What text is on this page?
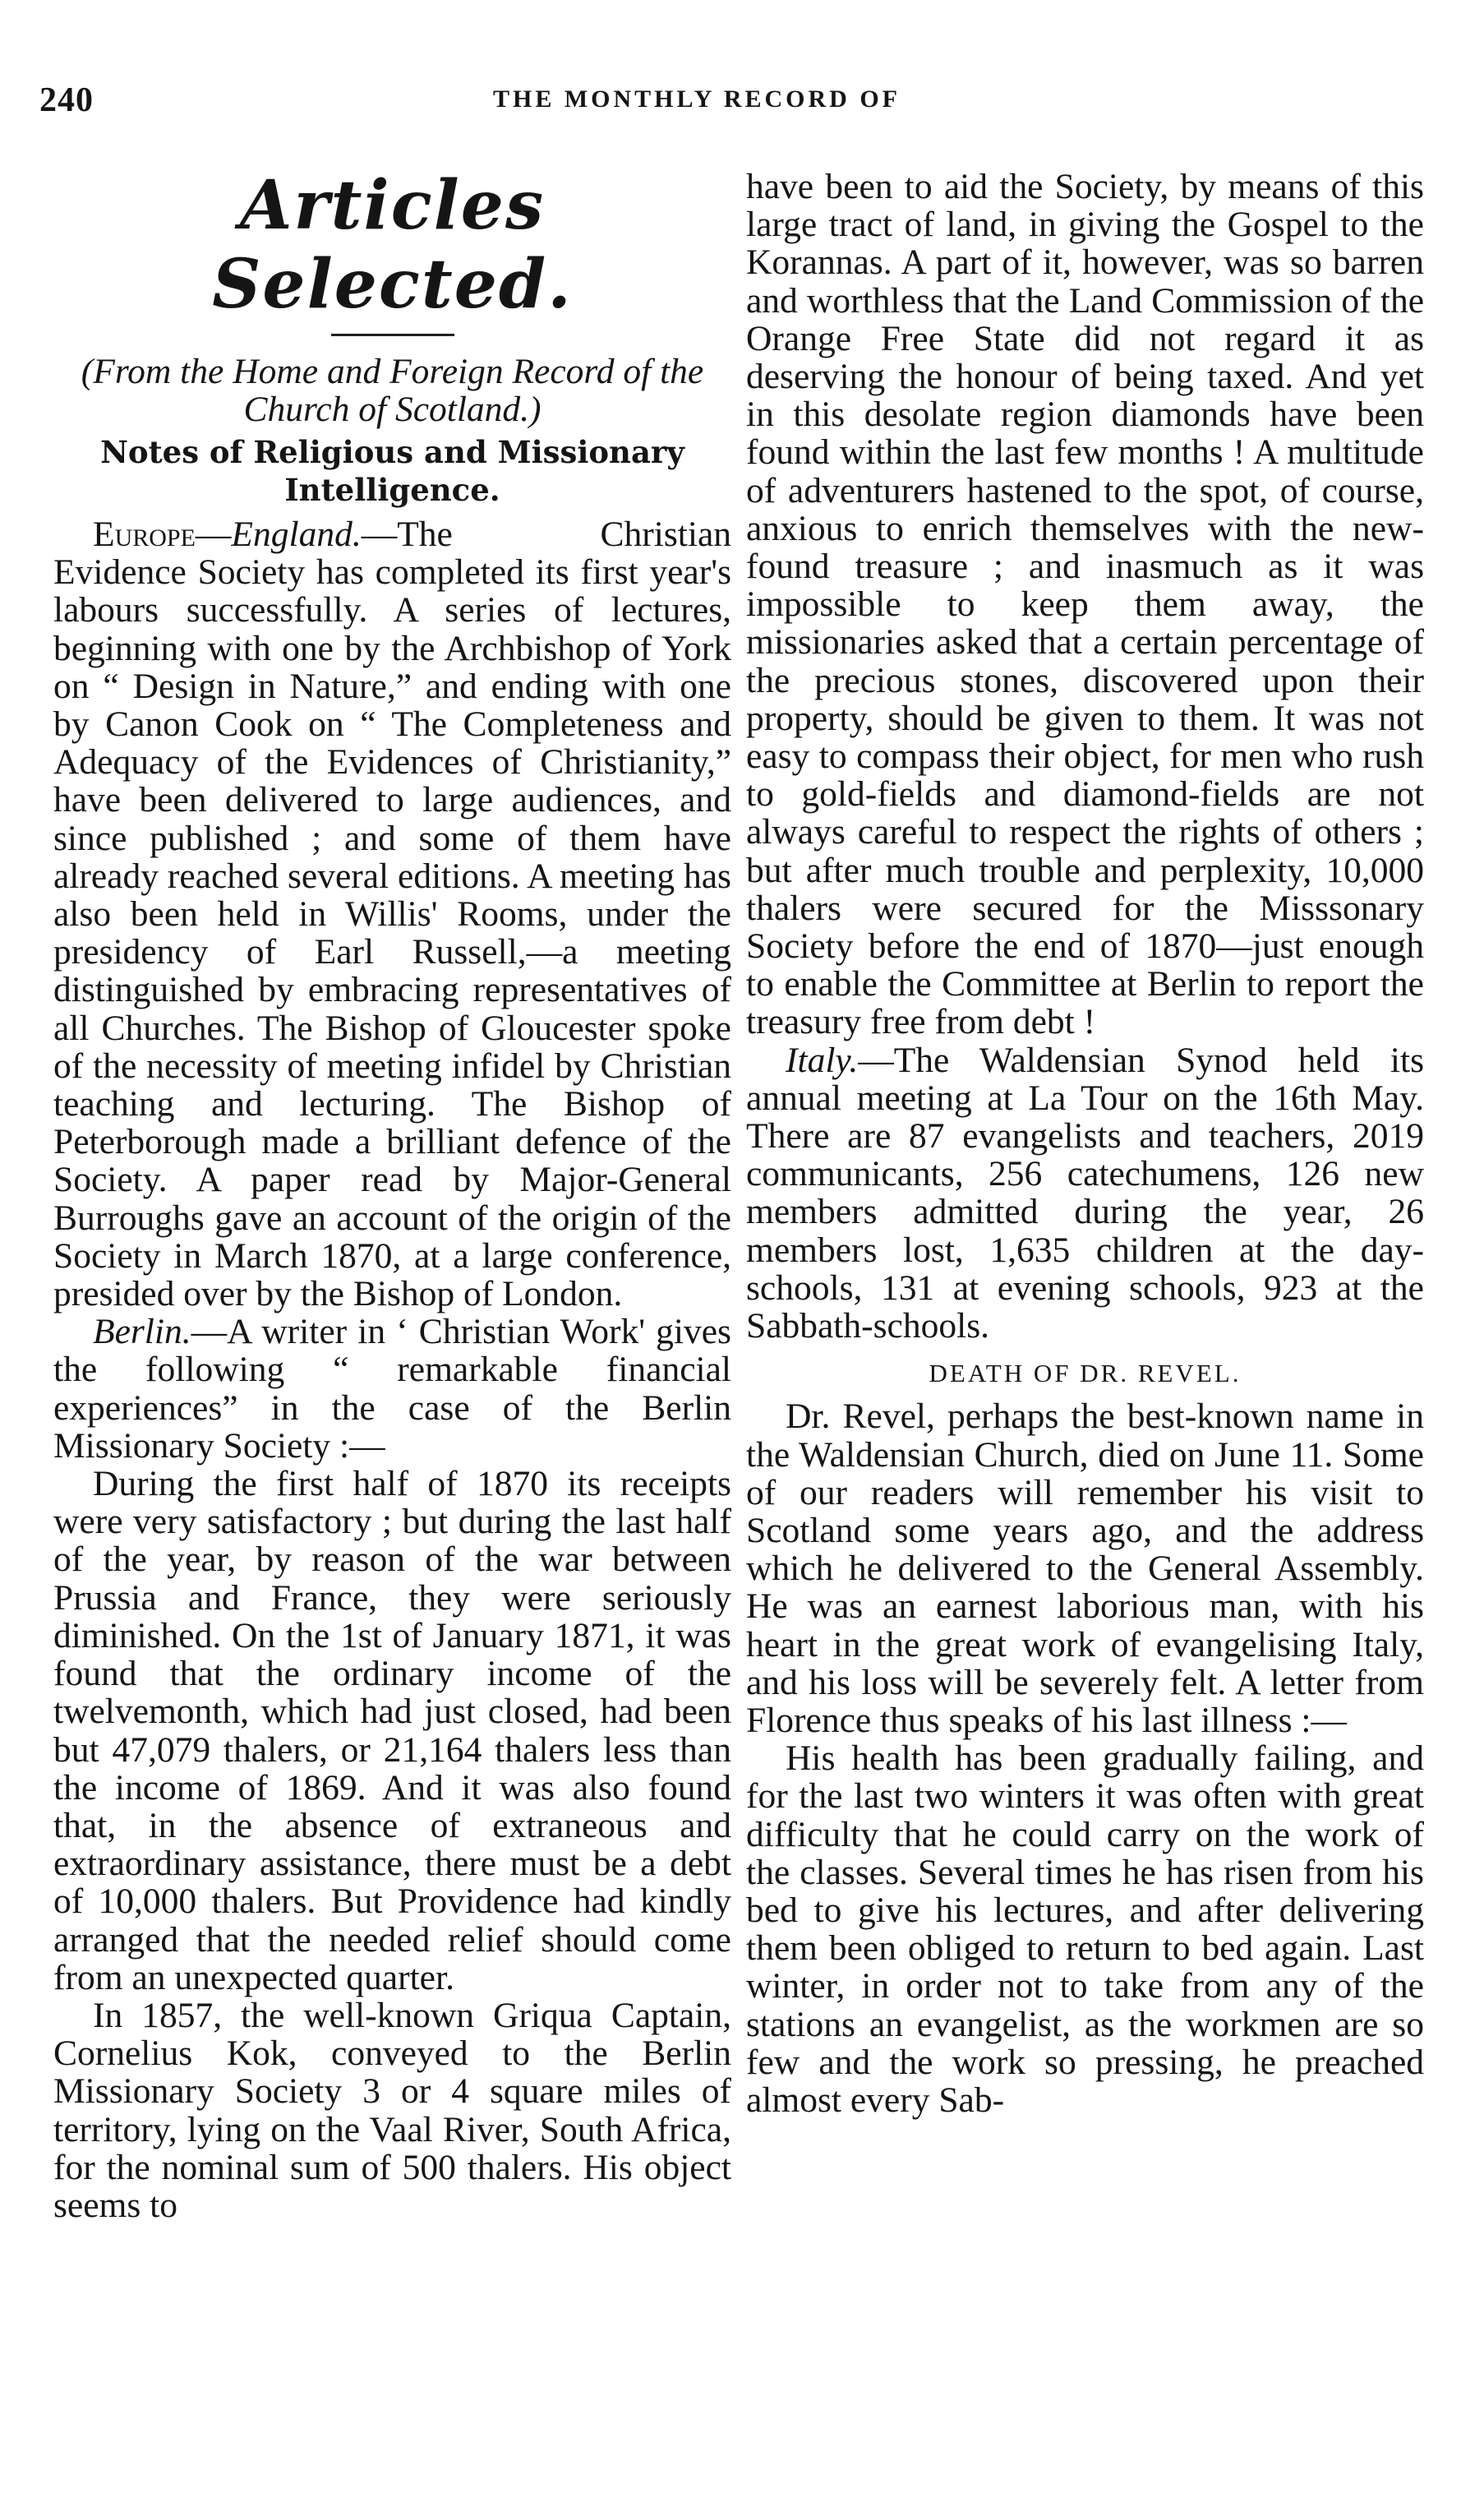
240	THE MONTHLY RECORD OF
Articles Selected.

(From the Home and Foreign Record of the Church of Scotland.)

Notes of Religious and Missionary Intelligence.

Europe—England.—The Christian Evidence Society has completed its first year's labours successfully. A series of lectures, beginning with one by the Archbishop of York on “ Design in Nature,” and ending with one by Canon Cook on “ The Completeness and Adequacy of the Evidences of Christianity,” have been delivered to large audiences, and since published ; and some of them have already reached several editions. A meeting has also been held in Willis' Rooms, under the presidency of Earl Russell,—a meeting distinguished by embracing representatives of all Churches. The Bishop of Gloucester spoke of the necessity of meeting infidel by Christian teaching and lecturing. The Bishop of Peterborough made a brilliant defence of the Society. A paper read by Major-General Burroughs gave an account of the origin of the Society in March 1870, at a large conference, presided over by the Bishop of London.

Berlin.—A writer in ‘ Christian Work' gives the following “ remarkable financial experiences” in the case of the Berlin Missionary Society :—

During the first half of 1870 its receipts were very satisfactory ; but during the last half of the year, by reason of the war between Prussia and France, they were seriously diminished. On the 1st of January 1871, it was found that the ordinary income of the twelvemonth, which had just closed, had been but 47,079 thalers, or 21,164 thalers less than the income of 1869. And it was also found that, in the absence of extraneous and extraordinary assistance, there must be a debt of 10,000 thalers. But Providence had kindly arranged that the needed relief should come from an unexpected quarter.

In 1857, the well-known Griqua Captain, Cornelius Kok, conveyed to the Berlin Missionary Society 3 or 4 square miles of territory, lying on the Vaal River, South Africa, for the nominal sum of 500 thalers. His object seems to

have been to aid the Society, by means of this large tract of land, in giving the Gospel to the Korannas. A part of it, however, was so barren and worthless that the Land Commission of the Orange Free State did not regard it as deserving the honour of being taxed. And yet in this desolate region diamonds have been found within the last few months ! A multitude of adventurers hastened to the spot, of course, anxious to enrich themselves with the new-found treasure ; and inasmuch as it was impossible to keep them away, the missionaries asked that a certain percentage of the precious stones, discovered upon their property, should be given to them. It was not easy to compass their object, for men who rush to gold-fields and diamond-fields are not always careful to respect the rights of others ; but after much trouble and perplexity, 10,000 thalers were secured for the Misssonary Society before the end of 1870—just enough to enable the Committee at Berlin to report the treasury free from debt !

Italy.—The Waldensian Synod held its annual meeting at La Tour on the 16th May. There are 87 evangelists and teachers, 2019 communicants, 256 catechumens, 126 new members admitted during the year, 26 members lost, 1,635 children at the day-schools, 131 at evening schools, 923 at the Sabbath-schools.

DEATH OF DR. REVEL.

Dr. Revel, perhaps the best-known name in the Waldensian Church, died on June 11. Some of our readers will remember his visit to Scotland some years ago, and the address which he delivered to the General Assembly. He was an earnest laborious man, with his heart in the great work of evangelising Italy, and his loss will be severely felt. A letter from Florence thus speaks of his last illness :—

His health has been gradually failing, and for the last two winters it was often with great difficulty that he could carry on the work of the classes. Several times he has risen from his bed to give his lectures, and after delivering them been obliged to return to bed again. Last winter, in order not to take from any of the stations an evangelist, as the workmen are so few and the work so pressing, he preached almost every Sab-
